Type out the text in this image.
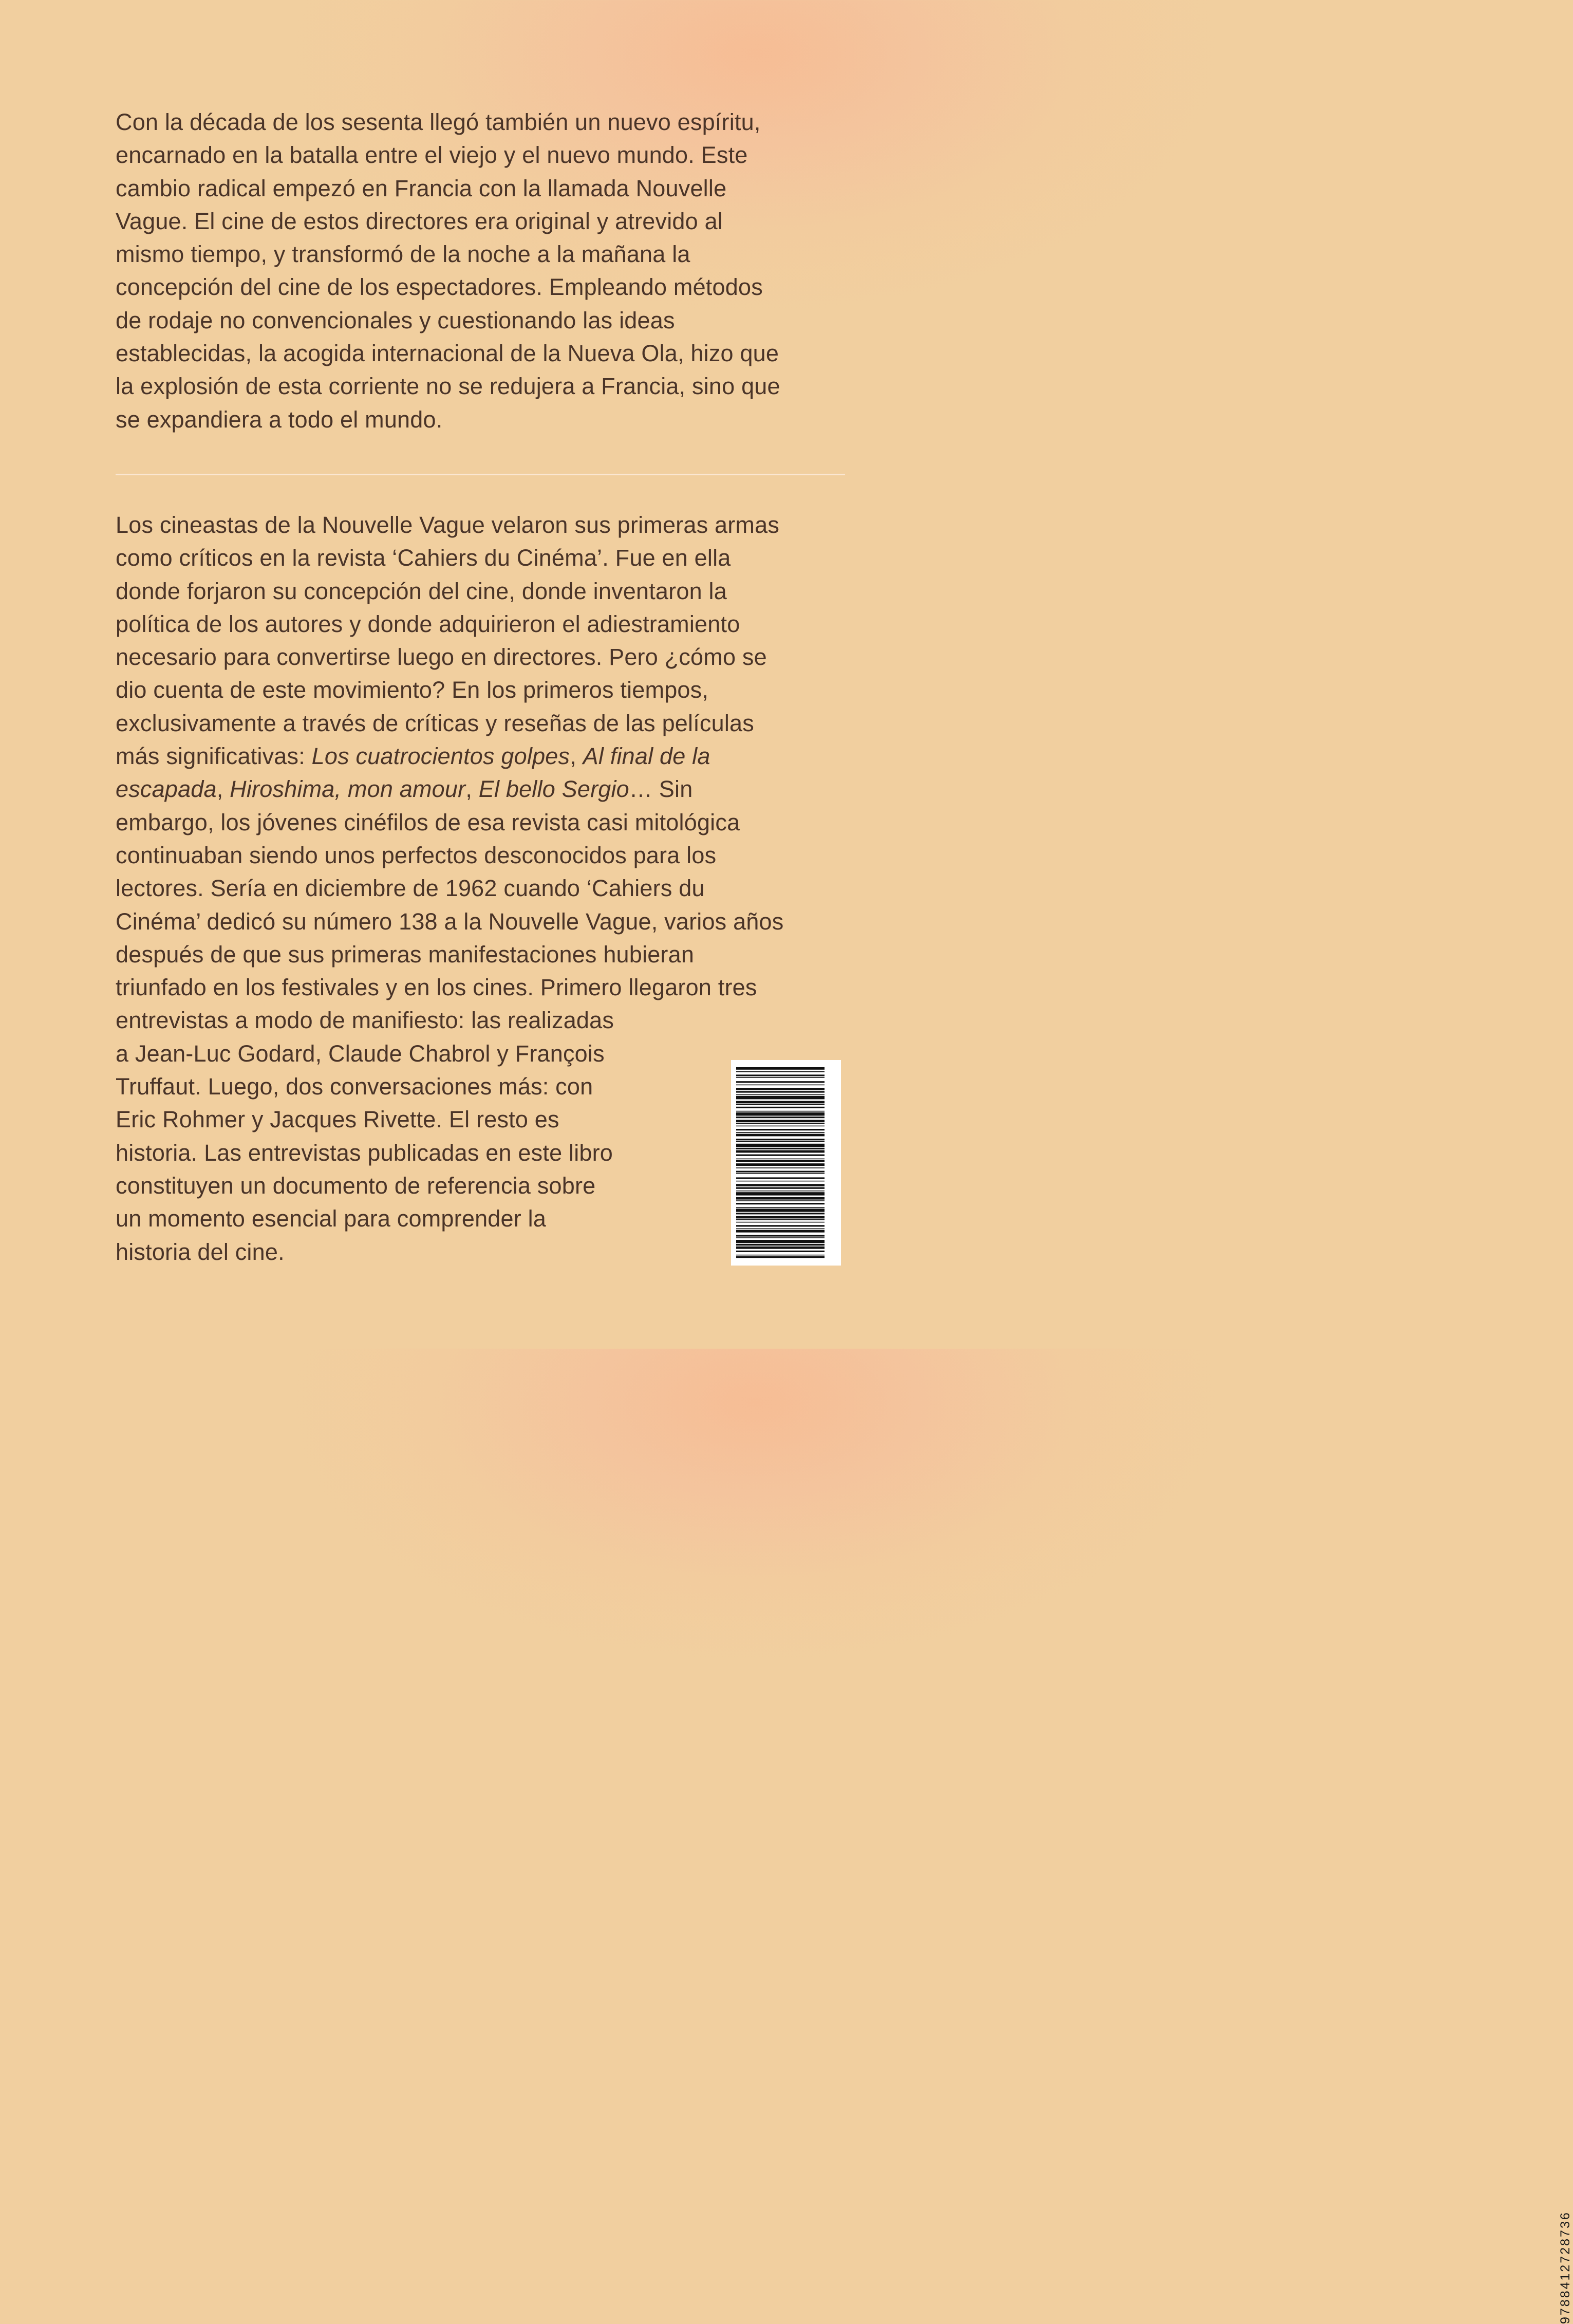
Con la década de los sesenta llegó también un nuevo espíritu,
encarnado en la batalla entre el viejo y el nuevo mundo. Este
cambio radical empezó en Francia con la llamada Nouvelle
Vague. El cine de estos directores era original y atrevido al
mismo tiempo, y transformó de la noche a la mañana la
concepción del cine de los espectadores. Empleando métodos
de rodaje no convencionales y cuestionando las ideas
establecidas, la acogida internacional de la Nueva Ola, hizo que
la explosión de esta corriente no se redujera a Francia, sino que
se expandiera a todo el mundo.

Los cineastas de la Nouvelle Vague velaron sus primeras armas
como críticos en la revista ‘Cahiers du Cinéma’. Fue en ella
donde forjaron su concepción del cine, donde inventaron la
política de los autores y donde adquirieron el adiestramiento
necesario para convertirse luego en directores. Pero ¿cómo se
dio cuenta de este movimiento? En los primeros tiempos,
exclusivamente a través de críticas y reseñas de las películas
más significativas: Los cuatrocientos golpes, Al final de la
escapada, Hiroshima, mon amour, El bello Sergio… Sin
embargo, los jóvenes cinéfilos de esa revista casi mitológica
continuaban siendo unos perfectos desconocidos para los
lectores. Sería en diciembre de 1962 cuando ‘Cahiers du
Cinéma’ dedicó su número 138 a la Nouvelle Vague, varios años
después de que sus primeras manifestaciones hubieran
triunfado en los festivales y en los cines. Primero llegaron tres
entrevistas a modo de manifiesto: las realizadas
a Jean-Luc Godard, Claude Chabrol y François
Truffaut. Luego, dos conversaciones más: con
Eric Rohmer y Jacques Rivette. El resto es
historia. Las entrevistas publicadas en este libro
constituyen un documento de referencia sobre
un momento esencial para comprender la
historia del cine.

9788412728736
